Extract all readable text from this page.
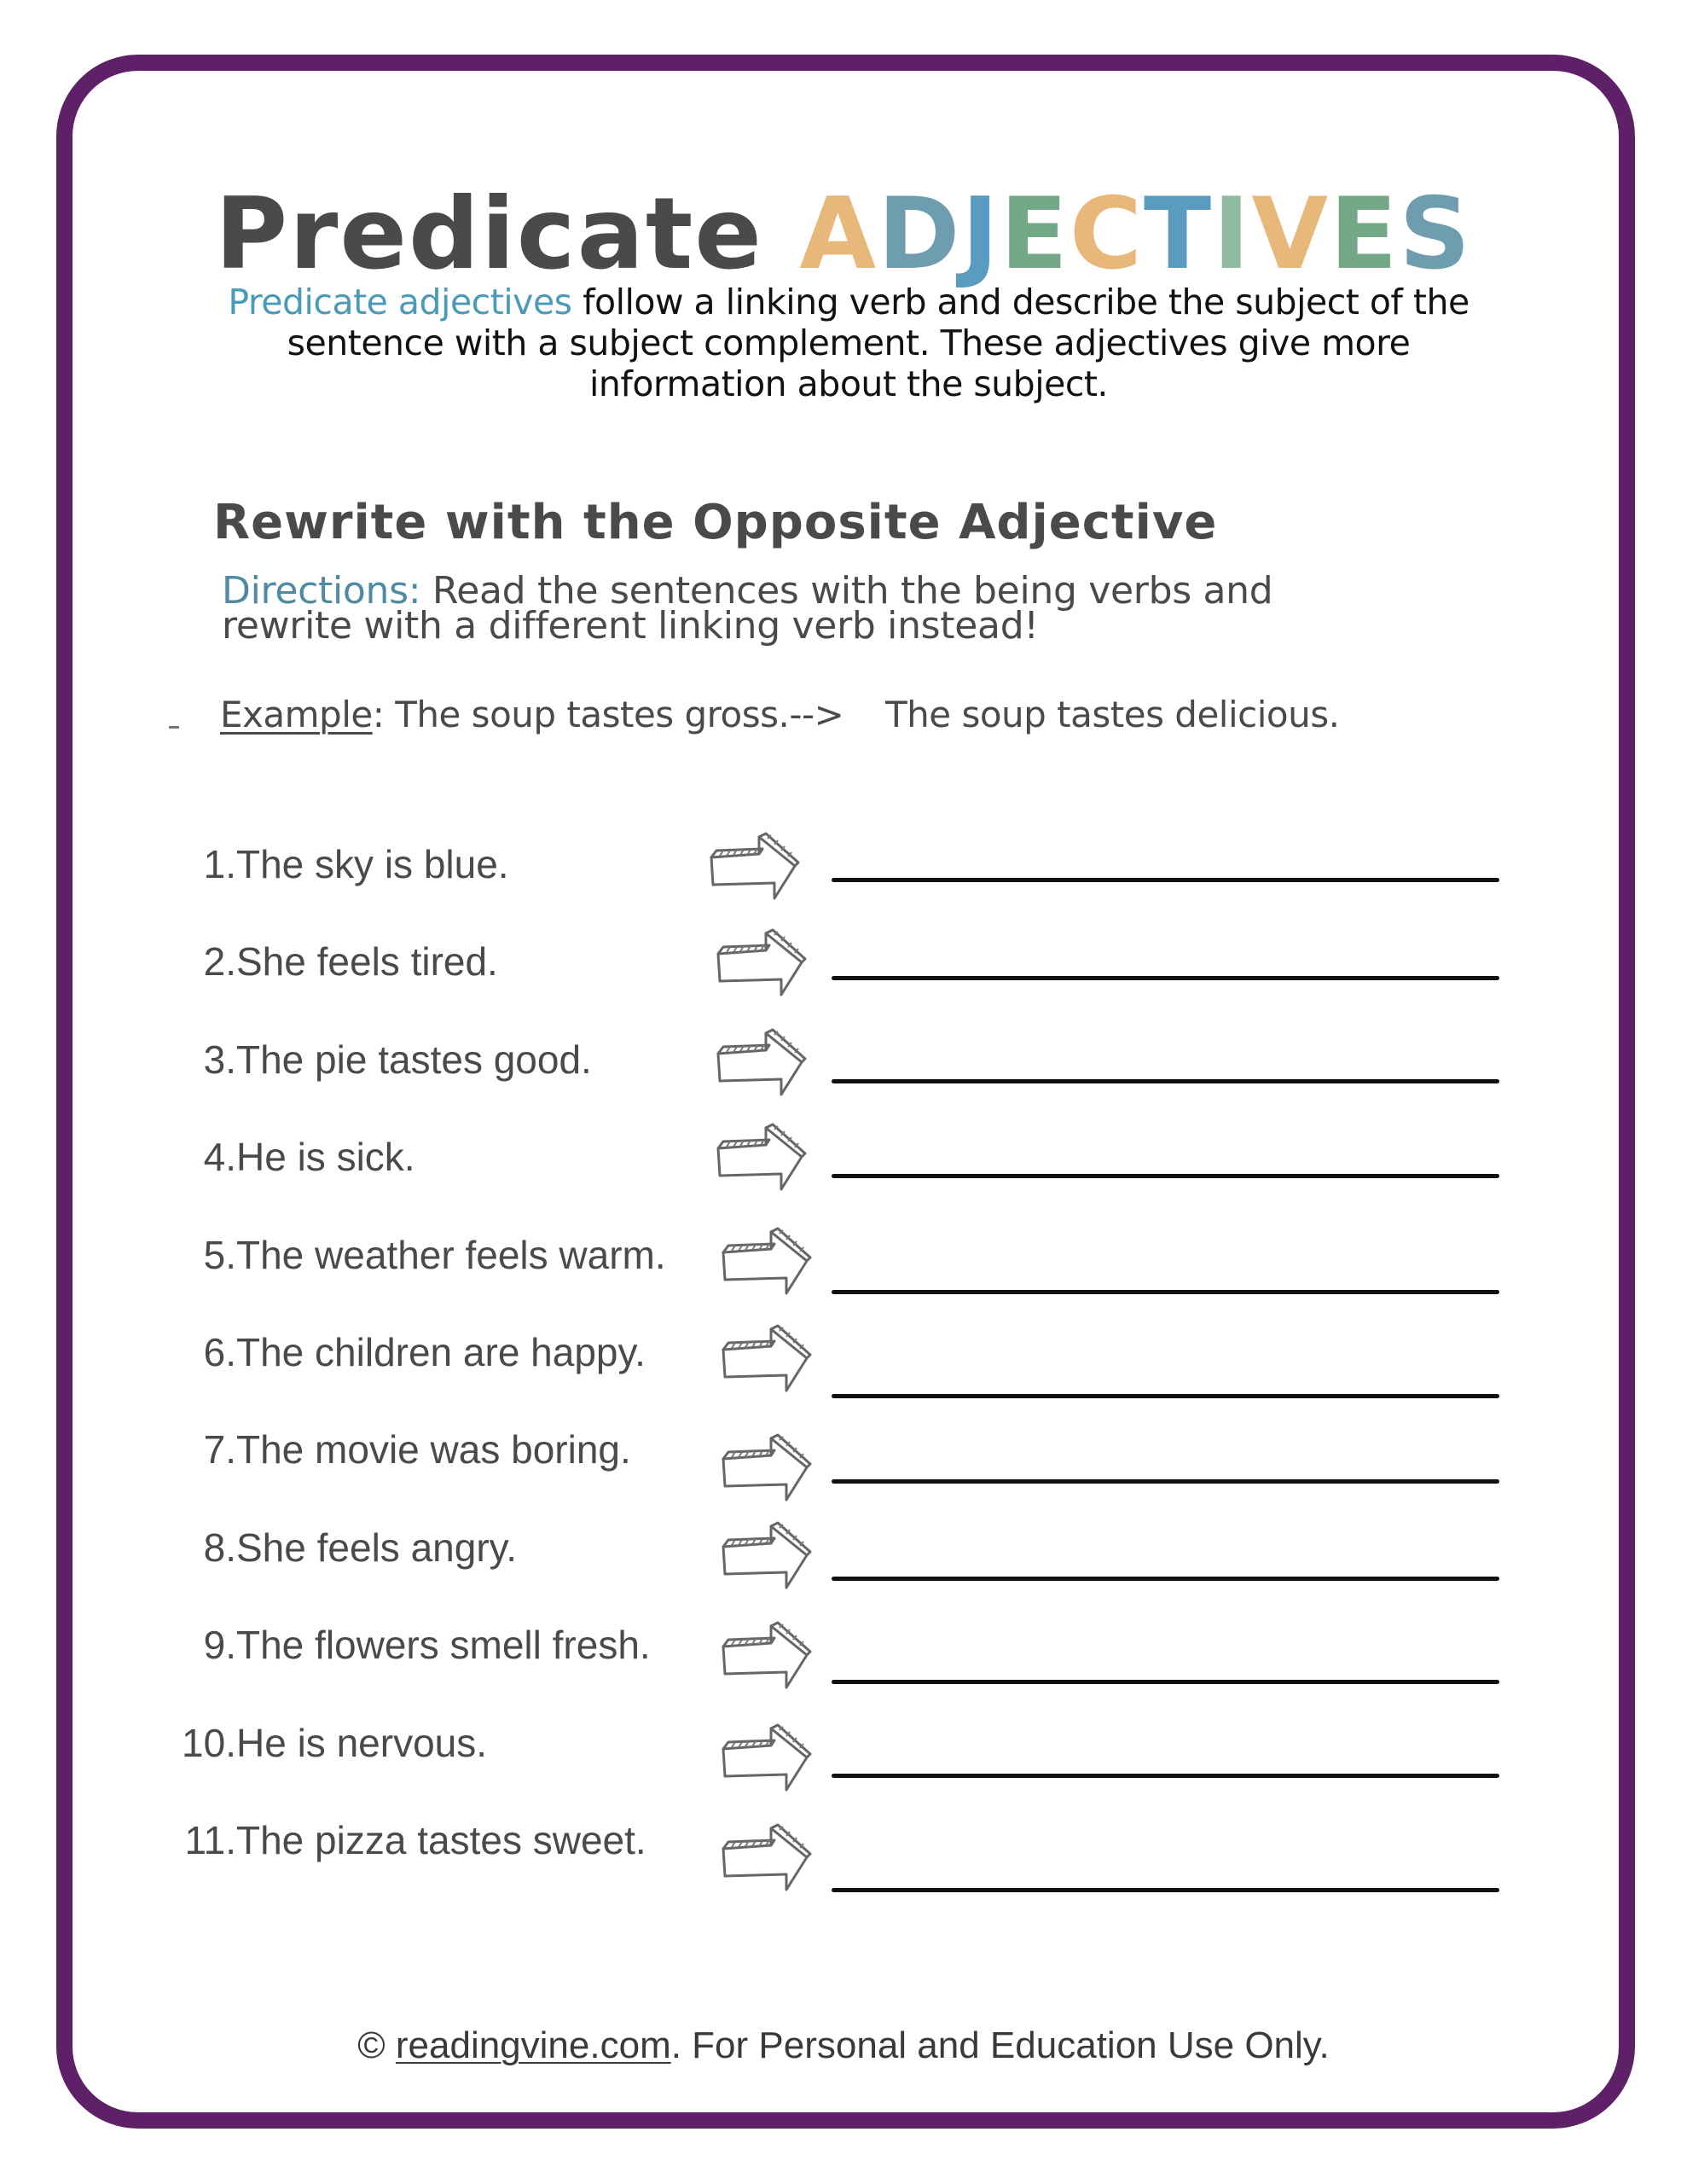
Predicate ADJECTIVES
Predicate adjectives follow a linking verb and describe the subject of the sentence with a subject complement. These adjectives give more information about the subject.
Rewrite with the Opposite Adjective
Directions: Read the sentences with the being verbs and rewrite with a different linking verb instead!
Example: The soup tastes gross.--> The soup tastes delicious.
1.The sky is blue.
2.She feels tired.
3.The pie tastes good.
4.He is sick.
5.The weather feels warm.
6.The children are happy.
7.The movie was boring.
8.She feels angry.
9.The flowers smell fresh.
10.He is nervous.
11.The pizza tastes sweet.
© readingvine.com. For Personal and Education Use Only.
